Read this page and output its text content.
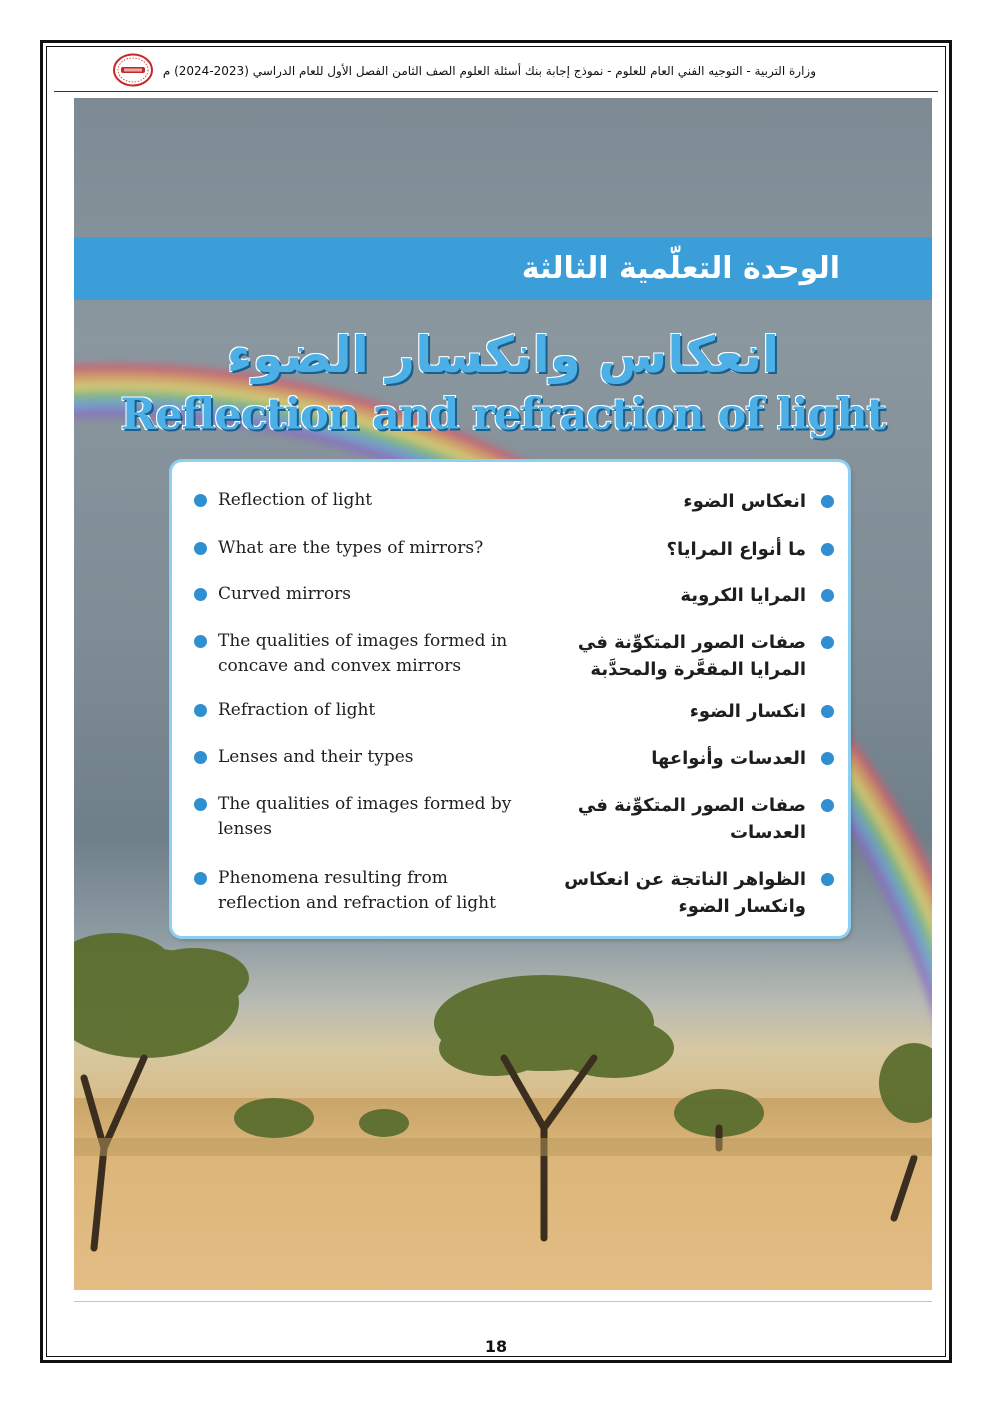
وزارة التربية - التوجيه الفني العام للعلوم - نموذج إجابة بنك أسئلة العلوم الصف الثامن الفصل الأول للعام الدراسي (2023-2024) م
الوحدة التعلّمية الثالثة
انعكاس وانكسار الضوء
Reflection and refraction of light
Reflection of light	انعكاس الضوء
What are the types of mirrors?	ما أنواع المرايا؟
Curved mirrors	المرايا الكروية
The qualities of images formed in concave and convex mirrors
صفات الصور المتكوِّنة في المرايا المقعَّرة والمحدَّبة
Refraction of light	انكسار الضوء
Lenses and their types	العدسات وأنواعها
The qualities of images formed by lenses
صفات الصور المتكوِّنة في العدسات
Phenomena resulting from reflection and refraction of light
الظواهر الناتجة عن انعكاس وانكسار الضوء
18
